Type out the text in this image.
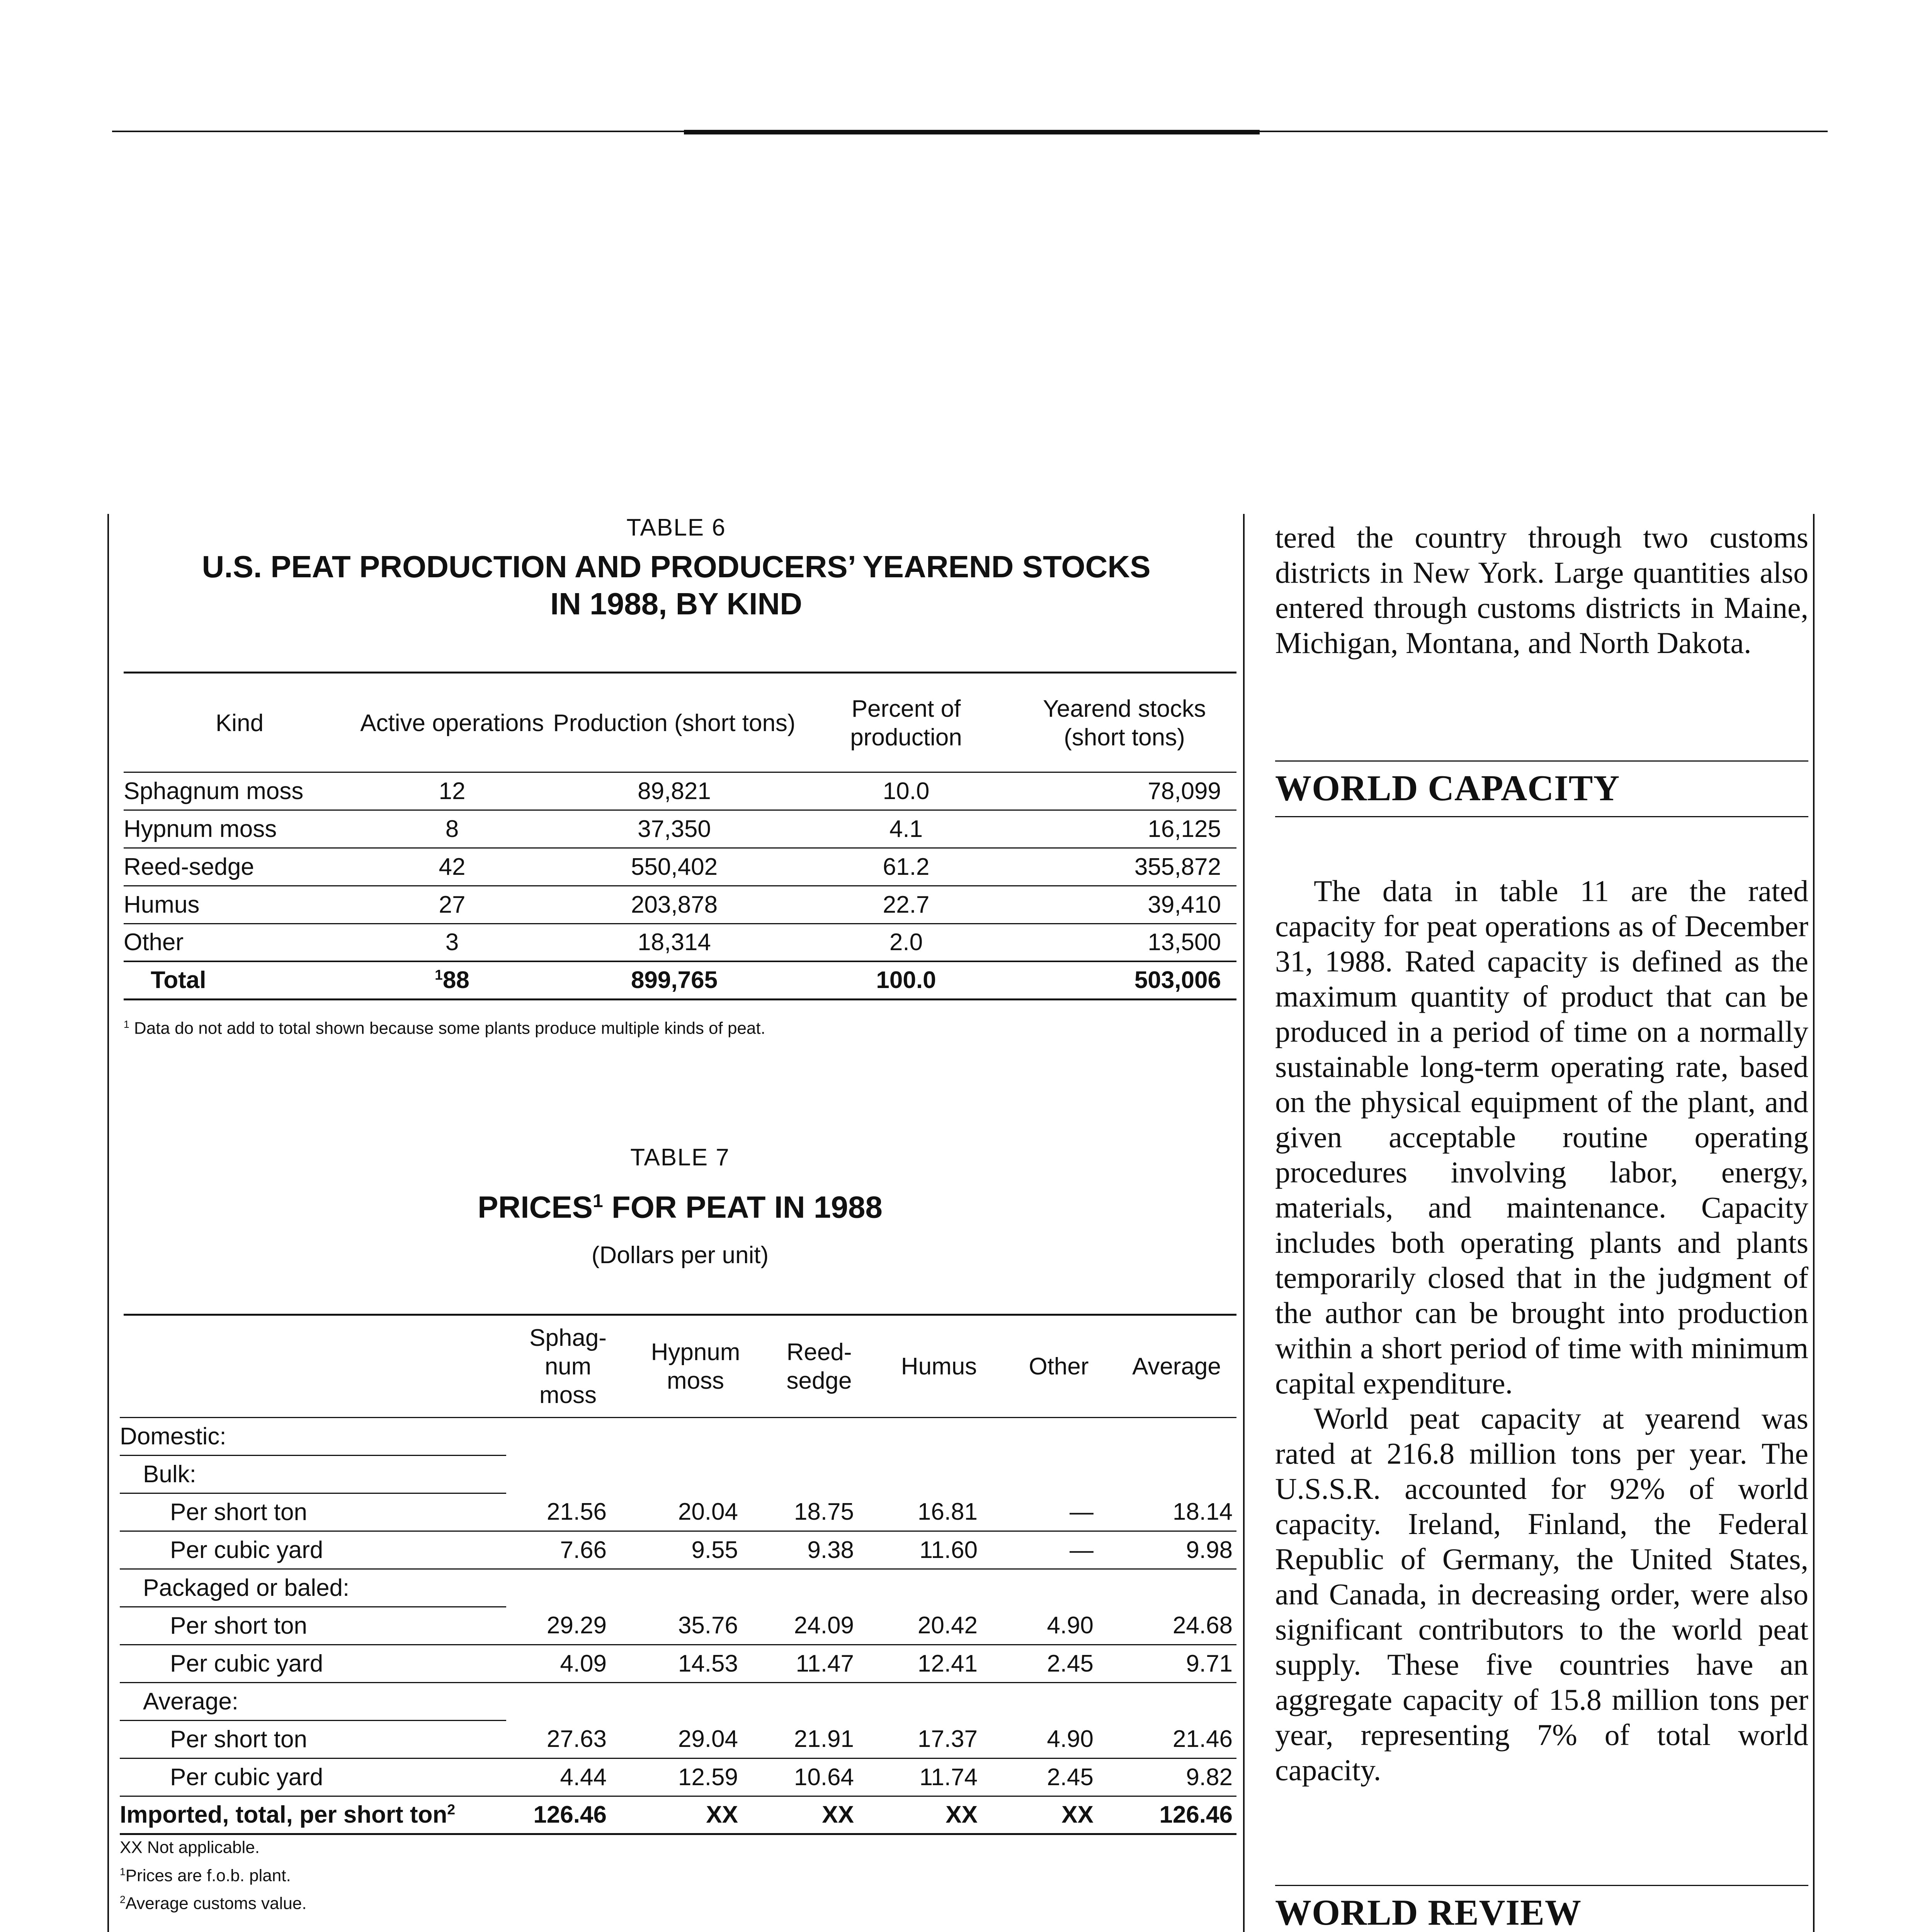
TABLE 6
U.S. PEAT PRODUCTION AND PRODUCERS’ YEAREND STOCKS
IN 1988, BY KIND
Kind	Active operations	Production (short tons)	Percent of production	Yearend stocks (short tons)
Sphagnum moss	12	89,821	10.0	78,099
Hypnum moss	8	37,350	4.1	16,125
Reed-sedge	42	550,402	61.2	355,872
Humus	27	203,878	22.7	39,410
Other	3	18,314	2.0	13,500
Total	$^1$88	899,765	100.0	503,006
$^1$ Data do not add to total shown because some plants produce multiple kinds of peat.
TABLE 7
PRICES$^1$ FOR PEAT IN 1988
(Dollars per unit)
	Sphag-num moss	Hypnum moss	Reed-sedge	Humus	Other	Average
Domestic:						
Bulk:						
Per short ton	21.56	20.04	18.75	16.81	—	18.14
Per cubic yard	7.66	9.55	9.38	11.60	—	9.98
Packaged or baled:						
Per short ton	29.29	35.76	24.09	20.42	4.90	24.68
Per cubic yard	4.09	14.53	11.47	12.41	2.45	9.71
Average:						
Per short ton	27.63	29.04	21.91	17.37	4.90	21.46
Per cubic yard	4.44	12.59	10.64	11.74	2.45	9.82
Imported, total, per short ton$^2$	126.46	XX	XX	XX	XX	126.46
XX Not applicable.
$^1$Prices are f.o.b. plant.
$^2$Average customs value.

tered the country through two customs districts in New York. Large quantities also entered through customs districts in Maine, Michigan, Montana, and North Dakota.

WORLD CAPACITY

The data in table 11 are the rated capacity for peat operations as of December 31, 1988. Rated capacity is defined as the maximum quantity of product that can be produced in a period of time on a normally sustainable long-term operating rate, based on the physical equipment of the plant, and given acceptable routine operating procedures involving labor, energy, materials, and maintenance. Capacity includes both operating plants and plants temporarily closed that in the judgment of the author can be brought into production within a short period of time with minimum capital expenditure.

World peat capacity at yearend was rated at 216.8 million tons per year. The U.S.S.R. accounted for 92% of world capacity. Ireland, Finland, the Federal Republic of Germany, the United States, and Canada, in decreasing order, were also significant contributors to the world peat supply. These five countries have an aggregate capacity of 15.8 million tons per year, representing 7% of total world capacity.

WORLD REVIEW
